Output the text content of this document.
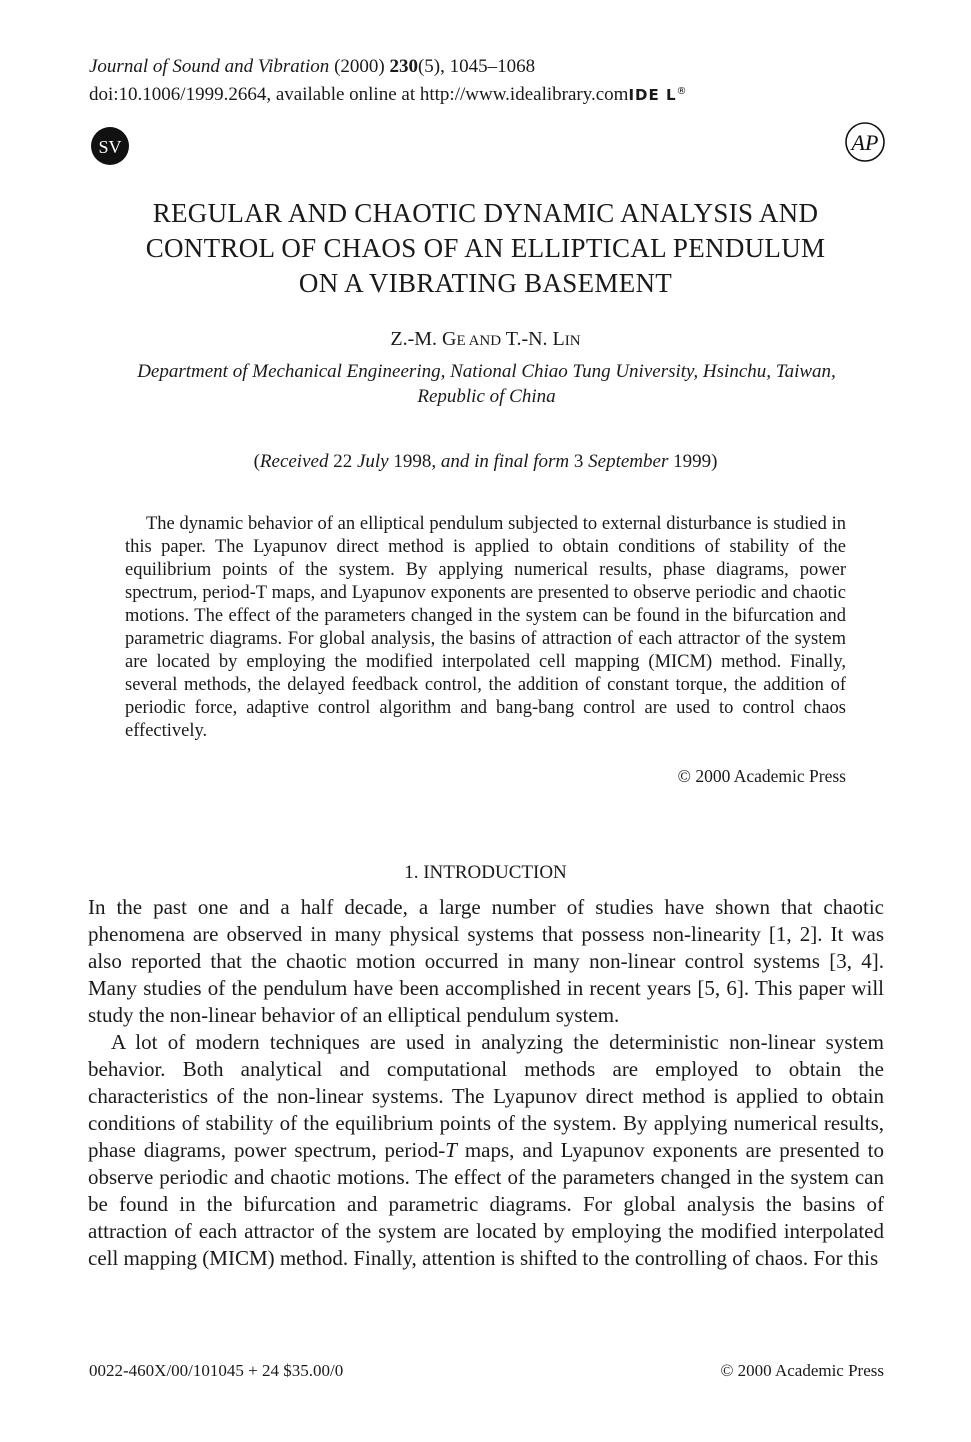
Journal of Sound and Vibration (2000) 230(5), 1045–1068
doi:10.1006/1999.2664, available online at http://www.idealibrary.comIDE L®
SV	AP
REGULAR AND CHAOTIC DYNAMIC ANALYSIS AND
CONTROL OF CHAOS OF AN ELLIPTICAL PENDULUM
ON A VIBRATING BASEMENT
Z.-M. GE AND T.-N. LIN
Department of Mechanical Engineering, National Chiao Tung University, Hsinchu, Taiwan,
Republic of China
(Received 22 July 1998, and in final form 3 September 1999)
The dynamic behavior of an elliptical pendulum subjected to external disturbance is studied in this paper. The Lyapunov direct method is applied to obtain conditions of stability of the equilibrium points of the system. By applying numerical results, phase diagrams, power spectrum, period-T maps, and Lyapunov exponents are presented to observe periodic and chaotic motions. The effect of the parameters changed in the system can be found in the bifurcation and parametric diagrams. For global analysis, the basins of attraction of each attractor of the system are located by employing the modified interpolated cell mapping (MICM) method. Finally, several methods, the delayed feedback control, the addition of constant torque, the addition of periodic force, adaptive control algorithm and bang-bang control are used to control chaos effectively.
© 2000 Academic Press
1. INTRODUCTION

In the past one and a half decade, a large number of studies have shown that chaotic phenomena are observed in many physical systems that possess non-linearity [1, 2]. It was also reported that the chaotic motion occurred in many non-linear control systems [3, 4]. Many studies of the pendulum have been accomplished in recent years [5, 6]. This paper will study the non-linear behavior of an elliptical pendulum system.

A lot of modern techniques are used in analyzing the deterministic non-linear system behavior. Both analytical and computational methods are employed to obtain the characteristics of the non-linear systems. The Lyapunov direct method is applied to obtain conditions of stability of the equilibrium points of the system. By applying numerical results, phase diagrams, power spectrum, period-T maps, and Lyapunov exponents are presented to observe periodic and chaotic motions. The effect of the parameters changed in the system can be found in the bifurcation and parametric diagrams. For global analysis the basins of attraction of each attractor of the system are located by employing the modified interpolated cell mapping (MICM) method. Finally, attention is shifted to the controlling of chaos. For this

0022-460X/00/101045 + 24 $35.00/0	© 2000 Academic Press
